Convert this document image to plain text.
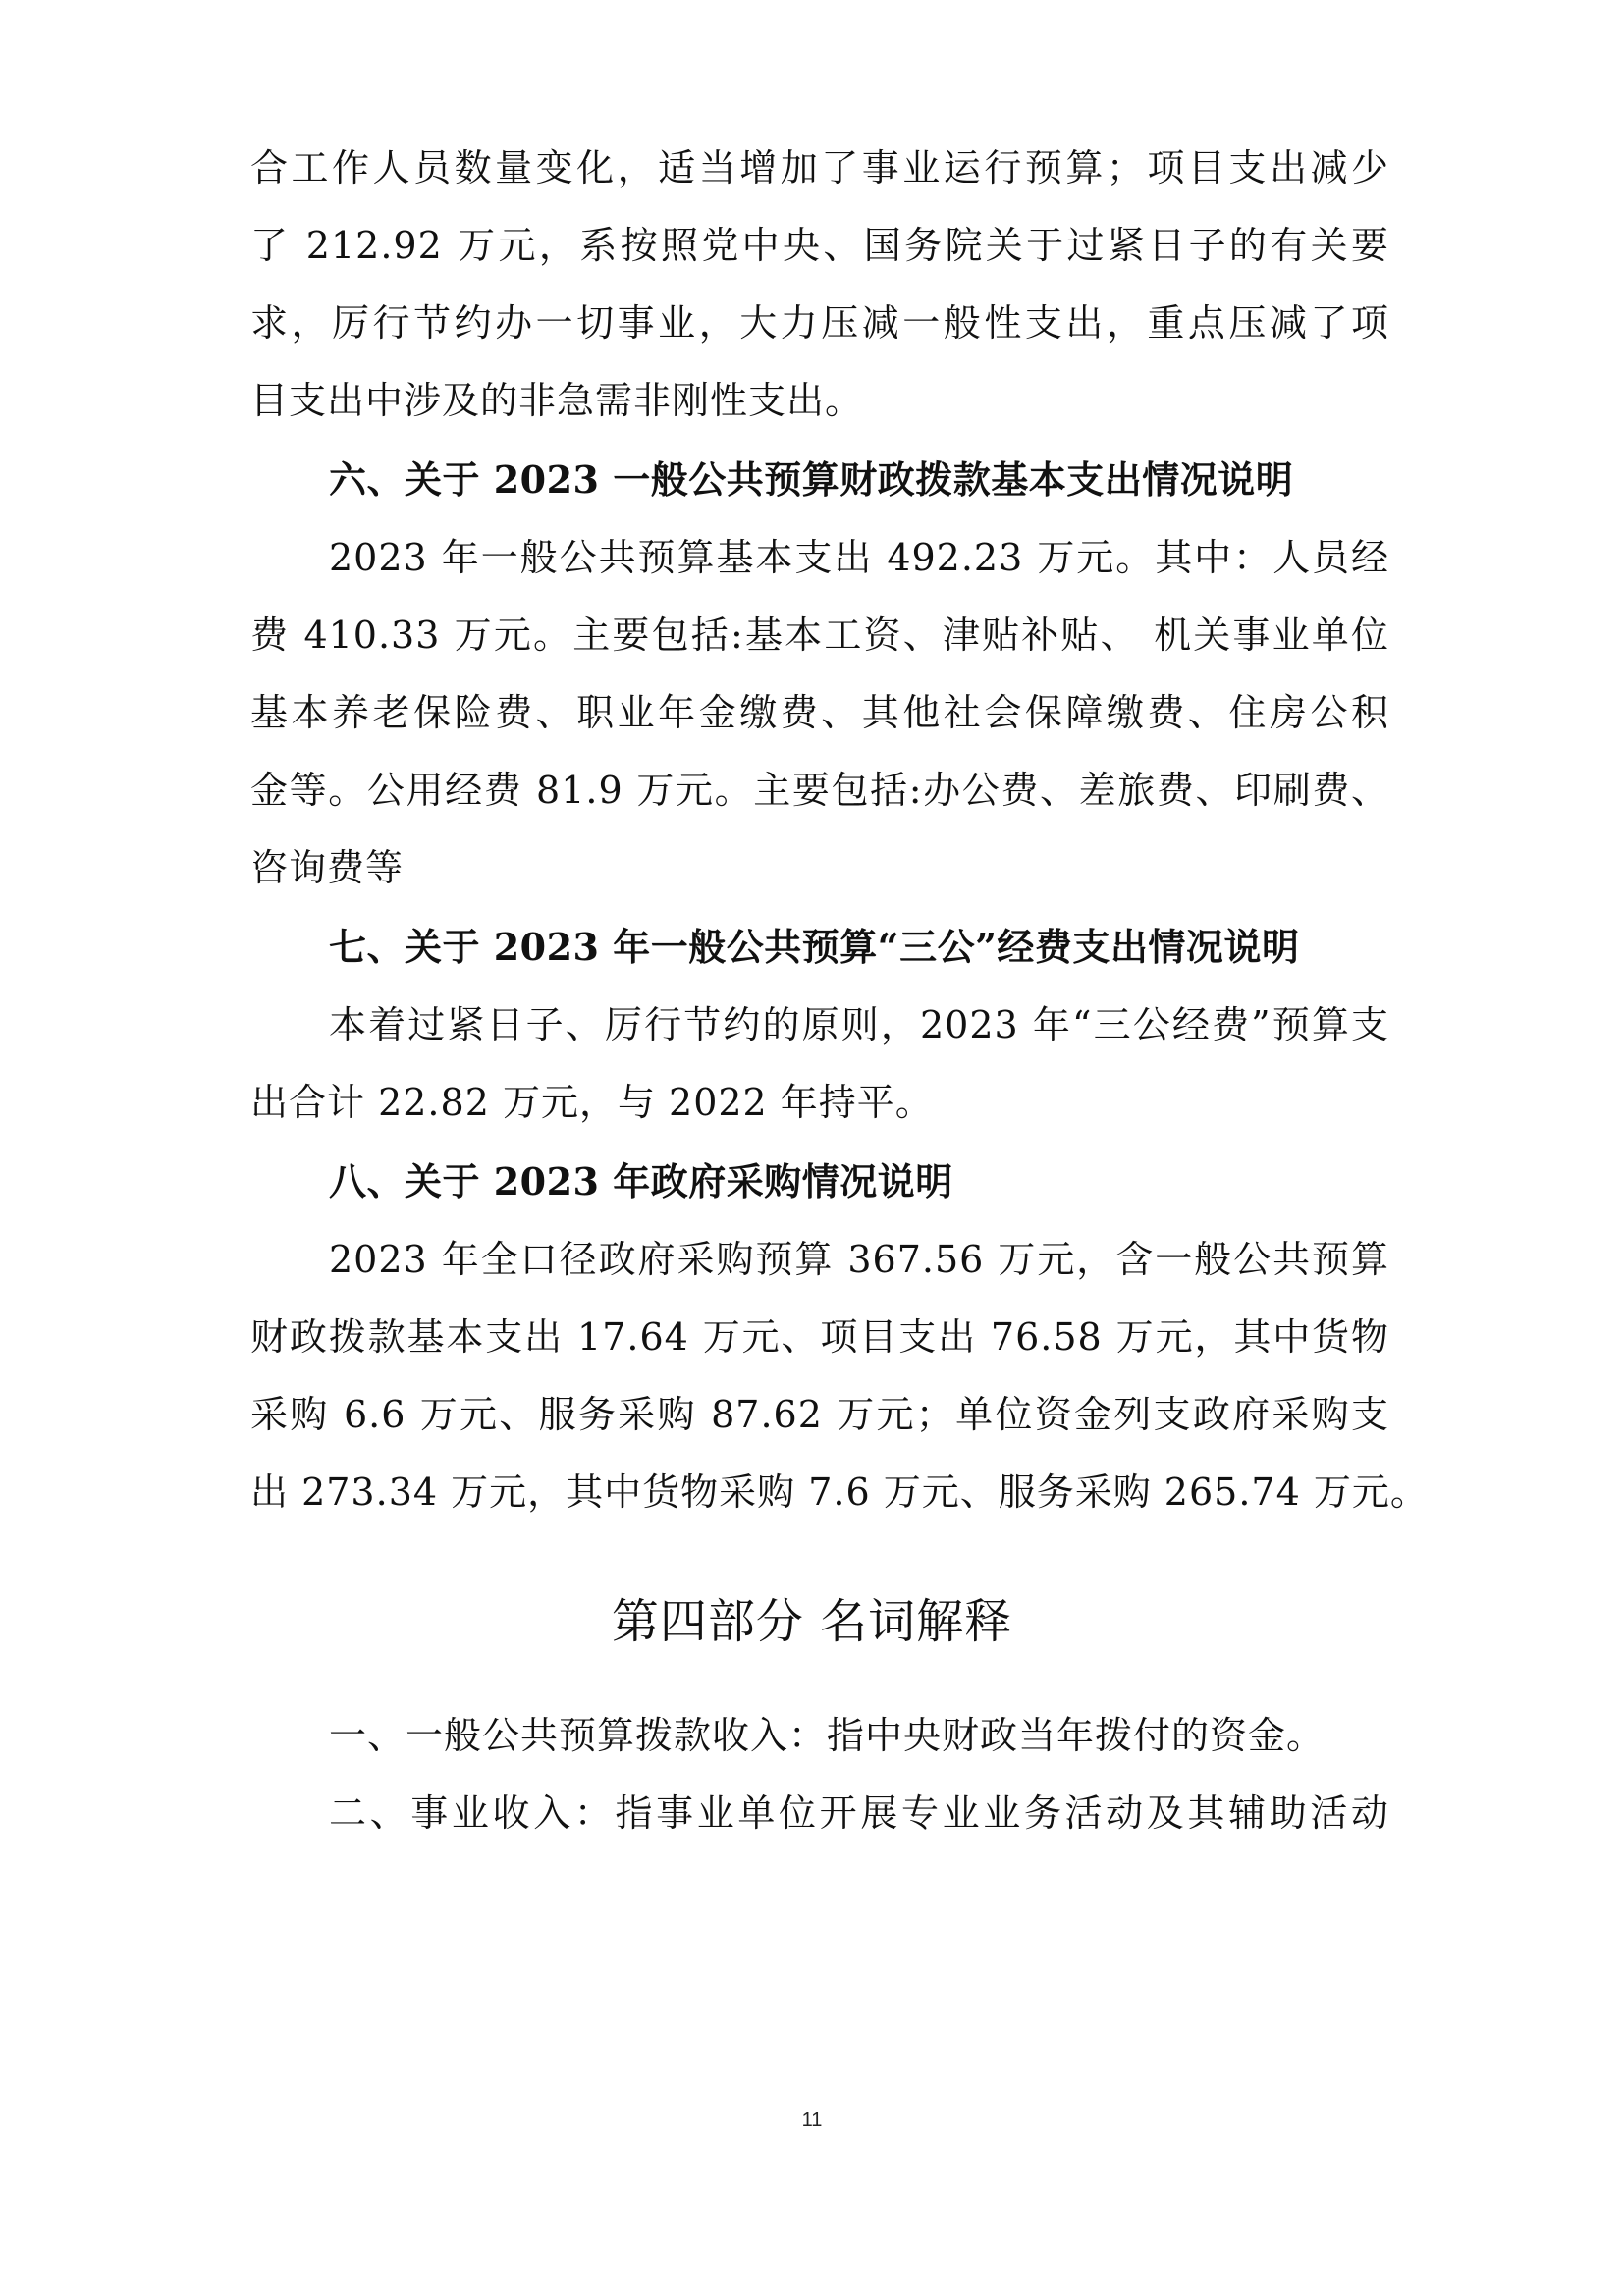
合工作人员数量变化，适当增加了事业运行预算；项目支出减少
了 212.92 万元，系按照党中央、国务院关于过紧日子的有关要
求，厉行节约办一切事业，大力压减一般性支出，重点压减了项
目支出中涉及的非急需非刚性支出。
六、关于 2023 一般公共预算财政拨款基本支出情况说明
2023 年一般公共预算基本支出 492.23 万元。其中：人员经
费 410.33 万元。主要包括:基本工资、津贴补贴、 机关事业单位
基本养老保险费、职业年金缴费、其他社会保障缴费、住房公积
金等。公用经费 81.9 万元。主要包括:办公费、差旅费、印刷费、
咨询费等
七、关于 2023 年一般公共预算“三公”经费支出情况说明
本着过紧日子、厉行节约的原则，2023 年“三公经费”预算支
出合计 22.82 万元，与 2022 年持平。
八、关于 2023 年政府采购情况说明
2023 年全口径政府采购预算 367.56 万元，含一般公共预算
财政拨款基本支出 17.64 万元、项目支出 76.58 万元，其中货物
采购 6.6 万元、服务采购 87.62 万元；单位资金列支政府采购支
出 273.34 万元，其中货物采购 7.6 万元、服务采购 265.74 万元。
第四部分 名词解释
一、一般公共预算拨款收入：指中央财政当年拨付的资金。
二、事业收入：指事业单位开展专业业务活动及其辅助活动
11
